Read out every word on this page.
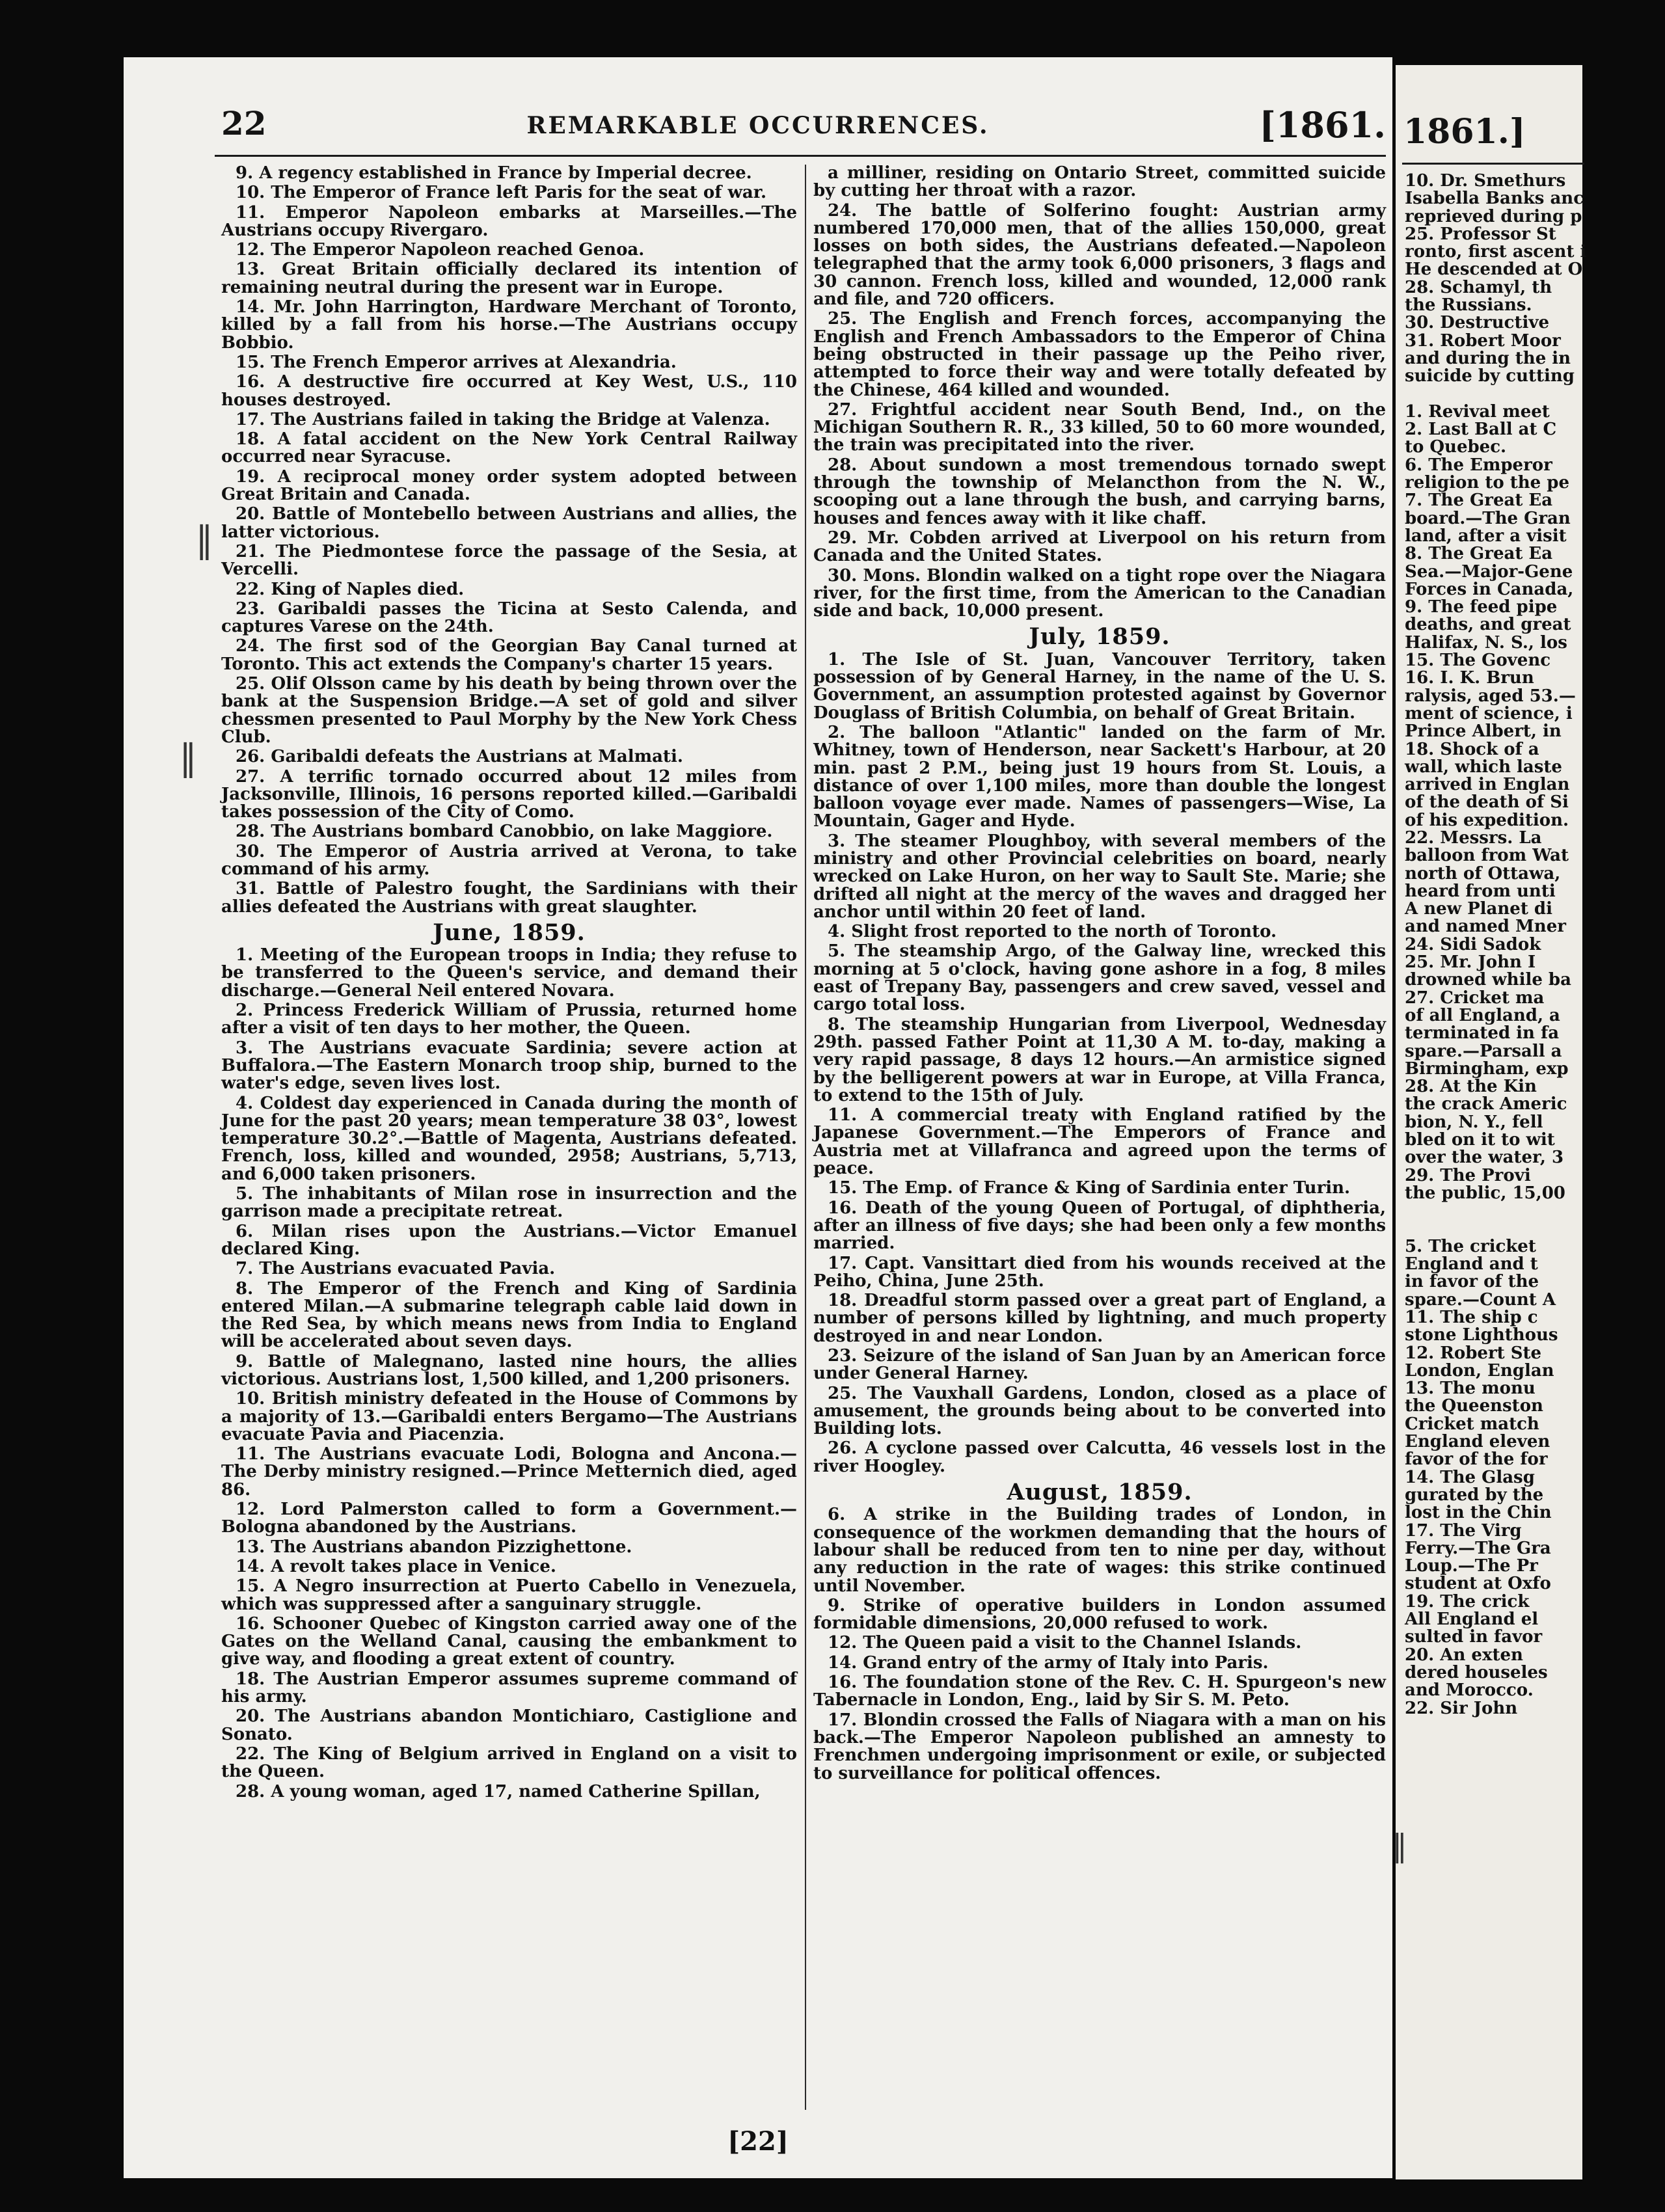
22	REMARKABLE OCCURRENCES.	[1861.
9. A regency established in France by Imperial decree.
10. The Emperor of France left Paris for the seat of war.
11. Emperor Napoleon embarks at Marseilles.—The Austrians occupy Rivergaro.
12. The Emperor Napoleon reached Genoa.
13. Great Britain officially declared its intention of remaining neutral during the present war in Europe.
14. Mr. John Harrington, Hardware Merchant of Toronto, killed by a fall from his horse.—The Austrians occupy Bobbio.
15. The French Emperor arrives at Alexandria.
16. A destructive fire occurred at Key West, U.S., 110 houses destroyed.
17. The Austrians failed in taking the Bridge at Valenza.
18. A fatal accident on the New York Central Railway occurred near Syracuse.
19. A reciprocal money order system adopted between Great Britain and Canada.
20. Battle of Montebello between Austrians and allies, the latter victorious.
21. The Piedmontese force the passage of the Sesia, at Vercelli.
22. King of Naples died.
23. Garibaldi passes the Ticina at Sesto Calenda, and captures Varese on the 24th.
24. The first sod of the Georgian Bay Canal turned at Toronto. This act extends the Company's charter 15 years.
25. Olif Olsson came by his death by being thrown over the bank at the Suspension Bridge.—A set of gold and silver chessmen presented to Paul Morphy by the New York Chess Club.
26. Garibaldi defeats the Austrians at Malmati.
27. A terrific tornado occurred about 12 miles from Jacksonville, Illinois, 16 persons reported killed.—Garibaldi takes possession of the City of Como.
28. The Austrians bombard Canobbio, on lake Maggiore.
30. The Emperor of Austria arrived at Verona, to take command of his army.
31. Battle of Palestro fought, the Sardinians with their allies defeated the Austrians with great slaughter.
June, 1859.
1. Meeting of the European troops in India; they refuse to be transferred to the Queen's service, and demand their discharge.—General Neil entered Novara.
2. Princess Frederick William of Prussia, returned home after a visit of ten days to her mother, the Queen.
3. The Austrians evacuate Sardinia; severe action at Buffalora.—The Eastern Monarch troop ship, burned to the water's edge, seven lives lost.
4. Coldest day experienced in Canada during the month of June for the past 20 years; mean temperature 38 03°, lowest temperature 30.2°.—Battle of Magenta, Austrians defeated. French, loss, killed and wounded, 2958; Austrians, 5,713, and 6,000 taken prisoners.
5. The inhabitants of Milan rose in insurrection and the garrison made a precipitate retreat.
6. Milan rises upon the Austrians.—Victor Emanuel declared King.
7. The Austrians evacuated Pavia.
8. The Emperor of the French and King of Sardinia entered Milan.—A submarine telegraph cable laid down in the Red Sea, by which means news from India to England will be accelerated about seven days.
9. Battle of Malegnano, lasted nine hours, the allies victorious. Austrians lost, 1,500 killed, and 1,200 prisoners.
10. British ministry defeated in the House of Commons by a majority of 13.—Garibaldi enters Bergamo—The Austrians evacuate Pavia and Piacenzia.
11. The Austrians evacuate Lodi, Bologna and Ancona.—The Derby ministry resigned.—Prince Metternich died, aged 86.
12. Lord Palmerston called to form a Government.—Bologna abandoned by the Austrians.
13. The Austrians abandon Pizzighettone.
14. A revolt takes place in Venice.
15. A Negro insurrection at Puerto Cabello in Venezuela, which was suppressed after a sanguinary struggle.
16. Schooner Quebec of Kingston carried away one of the Gates on the Welland Canal, causing the embankment to give way, and flooding a great extent of country.
18. The Austrian Emperor assumes supreme command of his army.
20. The Austrians abandon Montichiaro, Castiglione and Sonato.
22. The King of Belgium arrived in England on a visit to the Queen.
28. A young woman, aged 17, named Catherine Spillan,
a milliner, residing on Ontario Street, committed suicide by cutting her throat with a razor.
24. The battle of Solferino fought: Austrian army numbered 170,000 men, that of the allies 150,000, great losses on both sides, the Austrians defeated.—Napoleon telegraphed that the army took 6,000 prisoners, 3 flags and 30 cannon. French loss, killed and wounded, 12,000 rank and file, and 720 officers.
25. The English and French forces, accompanying the English and French Ambassadors to the Emperor of China being obstructed in their passage up the Peiho river, attempted to force their way and were totally defeated by the Chinese, 464 killed and wounded.
27. Frightful accident near South Bend, Ind., on the Michigan Southern R. R., 33 killed, 50 to 60 more wounded, the train was precipitated into the river.
28. About sundown a most tremendous tornado swept through the township of Melancthon from the N. W., scooping out a lane through the bush, and carrying barns, houses and fences away with it like chaff.
29. Mr. Cobden arrived at Liverpool on his return from Canada and the United States.
30. Mons. Blondin walked on a tight rope over the Niagara river, for the first time, from the American to the Canadian side and back, 10,000 present.
July, 1859.
1. The Isle of St. Juan, Vancouver Territory, taken possession of by General Harney, in the name of the U. S. Government, an assumption protested against by Governor Douglass of British Columbia, on behalf of Great Britain.
2. The balloon "Atlantic" landed on the farm of Mr. Whitney, town of Henderson, near Sackett's Harbour, at 20 min. past 2 P.M., being just 19 hours from St. Louis, a distance of over 1,100 miles, more than double the longest balloon voyage ever made. Names of passengers—Wise, La Mountain, Gager and Hyde.
3. The steamer Ploughboy, with several members of the ministry and other Provincial celebrities on board, nearly wrecked on Lake Huron, on her way to Sault Ste. Marie; she drifted all night at the mercy of the waves and dragged her anchor until within 20 feet of land.
4. Slight frost reported to the north of Toronto.
5. The steamship Argo, of the Galway line, wrecked this morning at 5 o'clock, having gone ashore in a fog, 8 miles east of Trepany Bay, passengers and crew saved, vessel and cargo total loss.
8. The steamship Hungarian from Liverpool, Wednesday 29th. passed Father Point at 11,30 A M. to-day, making a very rapid passage, 8 days 12 hours.—An armistice signed by the belligerent powers at war in Europe, at Villa Franca, to extend to the 15th of July.
11. A commercial treaty with England ratified by the Japanese Government.—The Emperors of France and Austria met at Villafranca and agreed upon the terms of peace.
15. The Emp. of France & King of Sardinia enter Turin.
16. Death of the young Queen of Portugal, of diphtheria, after an illness of five days; she had been only a few months married.
17. Capt. Vansittart died from his wounds received at the Peiho, China, June 25th.
18. Dreadful storm passed over a great part of England, a number of persons killed by lightning, and much property destroyed in and near London.
23. Seizure of the island of San Juan by an American force under General Harney.
25. The Vauxhall Gardens, London, closed as a place of amusement, the grounds being about to be converted into Building lots.
26. A cyclone passed over Calcutta, 46 vessels lost in the river Hoogley.
August, 1859.
6. A strike in the Building trades of London, in consequence of the workmen demanding that the hours of labour shall be reduced from ten to nine per day, without any reduction in the rate of wages: this strike continued until November.
9. Strike of operative builders in London assumed formidable dimensions, 20,000 refused to work.
12. The Queen paid a visit to the Channel Islands.
14. Grand entry of the army of Italy into Paris.
16. The foundation stone of the Rev. C. H. Spurgeon's new Tabernacle in London, Eng., laid by Sir S. M. Peto.
17. Blondin crossed the Falls of Niagara with a man on his back.—The Emperor Napoleon published an amnesty to Frenchmen undergoing imprisonment or exile, or subjected to surveillance for political offences.
[22]
∥
∥
1861.]
10. Dr. Smethurs
Isabella Banks anc
reprieved during p
25. Professor St
ronto, first ascent i
He descended at O
28. Schamyl, th
the Russians.
30. Destructive
31. Robert Moor
and during the in
suicide by cutting
1. Revival meet
2. Last Ball at C
to Quebec.
6. The Emperor
religion to the pe
7. The Great Ea
board.—The Gran
land, after a visit
8. The Great Ea
Sea.—Major-Gene
Forces in Canada,
9. The feed pipe
deaths, and great
Halifax, N. S., los
15. The Govenc
16. I. K. Brun
ralysis, aged 53.—
ment of science, i
Prince Albert, in
18. Shock of a
wall, which laste
arrived in Englan
of the death of Si
of his expedition.
22. Messrs. La
balloon from Wat
north of Ottawa,
heard from unti
A new Planet di
and named Mner
24. Sidi Sadok
25. Mr. John I
drowned while ba
27. Cricket ma
of all England, a
terminated in fa
spare.—Parsall a
Birmingham, exp
28. At the Kin
the crack Americ
bion, N. Y., fell
bled on it to wit
over the water, 3
29. The Provi
the public, 15,00
5. The cricket
England and t
in favor of the
spare.—Count A
11. The ship c
stone Lighthous
12. Robert Ste
London, Englan
13. The monu
the Queenston
Cricket match
England eleven
favor of the for
14. The Glasg
gurated by the
lost in the Chin
17. The Virg
Ferry.—The Gra
Loup.—The Pr
student at Oxfo
19. The crick
All England el
sulted in favor
20. An exten
dered houseles
and Morocco.
22. Sir John
∥
